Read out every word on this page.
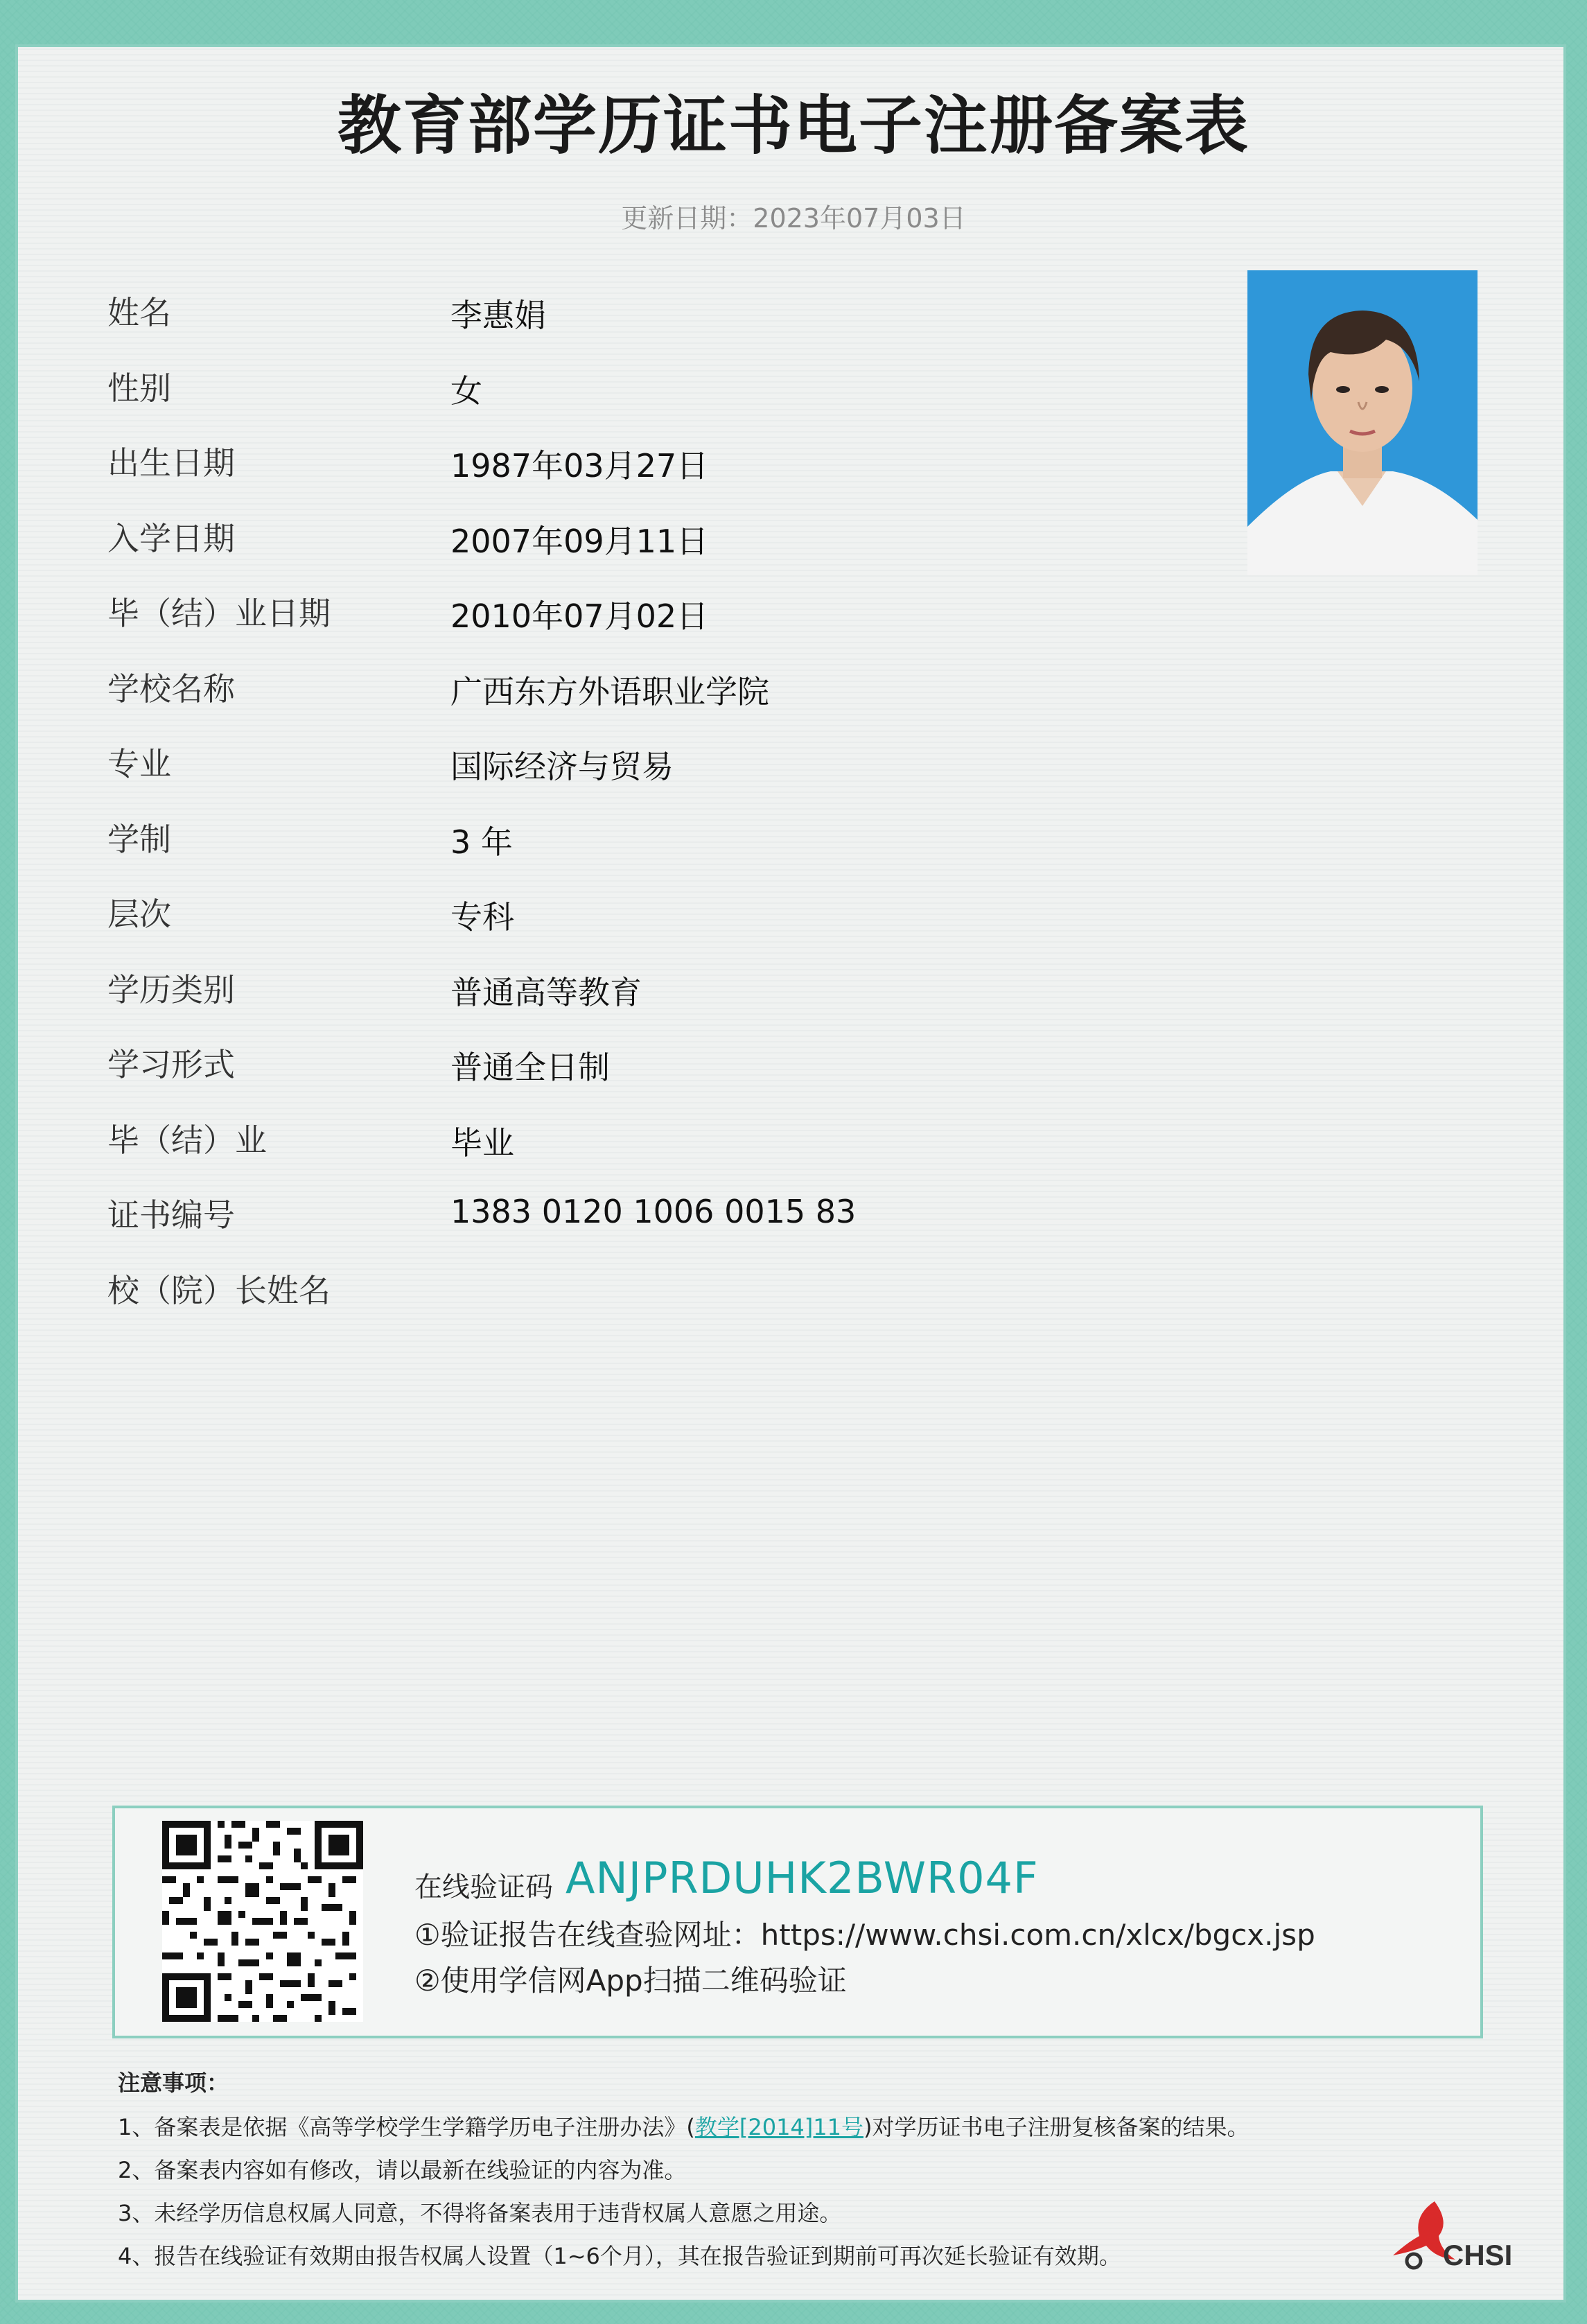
教育部学历证书电子注册备案表
更新日期：2023年07月03日
姓名	李惠娟
性别	女
出生日期	1987年03月27日
入学日期	2007年09月11日
毕（结）业日期	2010年07月02日
学校名称	广西东方外语职业学院
专业	国际经济与贸易
学制	3 年
层次	专科
学历类别	普通高等教育
学习形式	普通全日制
毕（结）业	毕业
证书编号	1383 0120 1006 0015 83
校（院）长姓名
在线验证码 ANJPRDUHK2BWR04F
①验证报告在线查验网址：https://www.chsi.com.cn/xlcx/bgcx.jsp
②使用学信网App扫描二维码验证
注意事项：
1、备案表是依据《高等学校学生学籍学历电子注册办法》(教学[2014]11号)对学历证书电子注册复核备案的结果。
2、备案表内容如有修改，请以最新在线验证的内容为准。
3、未经学历信息权属人同意，不得将备案表用于违背权属人意愿之用途。
4、报告在线验证有效期由报告权属人设置（1~6个月），其在报告验证到期前可再次延长验证有效期。	CHSI
